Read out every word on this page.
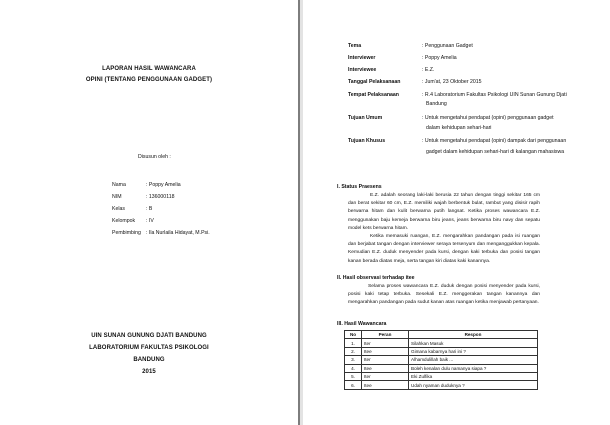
LAPORAN HASIL WAWANCARA
OPINI (TENTANG PENGGUNAAN GADGET)
Disusun oleh :
Nama	: Poppy Amelia
NIM	: 136000118
Kelas	: B
Kelompok : IV
Pembimbing : Ila Nurlaila Hidayat, M.Psi.
UIN SUNAN GUNUNG DJATI BANDUNG
LABORATORIUM FAKULTAS PSIKOLOGI
BANDUNG
2015
Tema	: Penggunaan Gadget
Interviewer	: Poppy Amelia
Interviewee	: E.Z.
Tanggal Pelaksanaan	: Jum'at, 23 Oktober 2015
Tempat Pelaksanaan	: R.4 Laboratorium Fakultas Psikologi UIN Sunan Gunung Djati
Bandung
Tujuan Umum	: Untuk mengetahui pendapat (opini) penggunaan gadget
dalam kehidupan sehari-hari
Tujuan Khusus	: Untuk mengetahui pendapat (opini) dampak dari penggunaan
gadget dalam kehidupan sehari-hari di kalangan mahasiswa
I. Status Praesens
E.Z. adalah seorang laki-laki berusia 22 tahun dengan tinggi sekitar 165 cm dan berat sekitar 60 cm, E.Z. memiliki wajah berbentuk bulat, rambut yang disisir rapih berwarna hitam dan kulit berwarna putih langsat. Ketika proses wawancara E.Z. menggunakan baju kemeja berwarna biru jeans, jeans berwarna biru navy dan sepatu model kets berwarna hitam.
Ketika memasuki ruangan, E.Z. mengarahkan pandangan pada isi ruangan dan berjabat tangan dengan interviewer seraya tersenyum dan menganggukkan kepala. Kemudian E.Z. duduk menyender pada kursi, dengan kaki terbuka dan posisi tangan kanan berada diatas meja, serta tangan kiri diatas kaki kanannya.
II. Hasil observasi terhadap itee
Selama proses wawancara E.Z. duduk dengan posisi menyender pada kursi, posisi kaki tetap terbuka. Sesekali E.Z. menggerakan tangan kanannya dan mengarahkan pandangan pada sudut kanan atas ruangan ketika menjawab pertanyaan.
III. Hasil Wawancara
No	Peran	Respon
1.	Iter	Silahkan Masuk
2.	Itee	Gimana kabarnya hari ini ?
3.	Iter	Alhamdulillah baik ...
4.	Itee	Boleh kenalan dulu namanya siapa ?
5.	Iter	Eki Zulfika
6.	Itee	Udah nyaman duduknya ?
